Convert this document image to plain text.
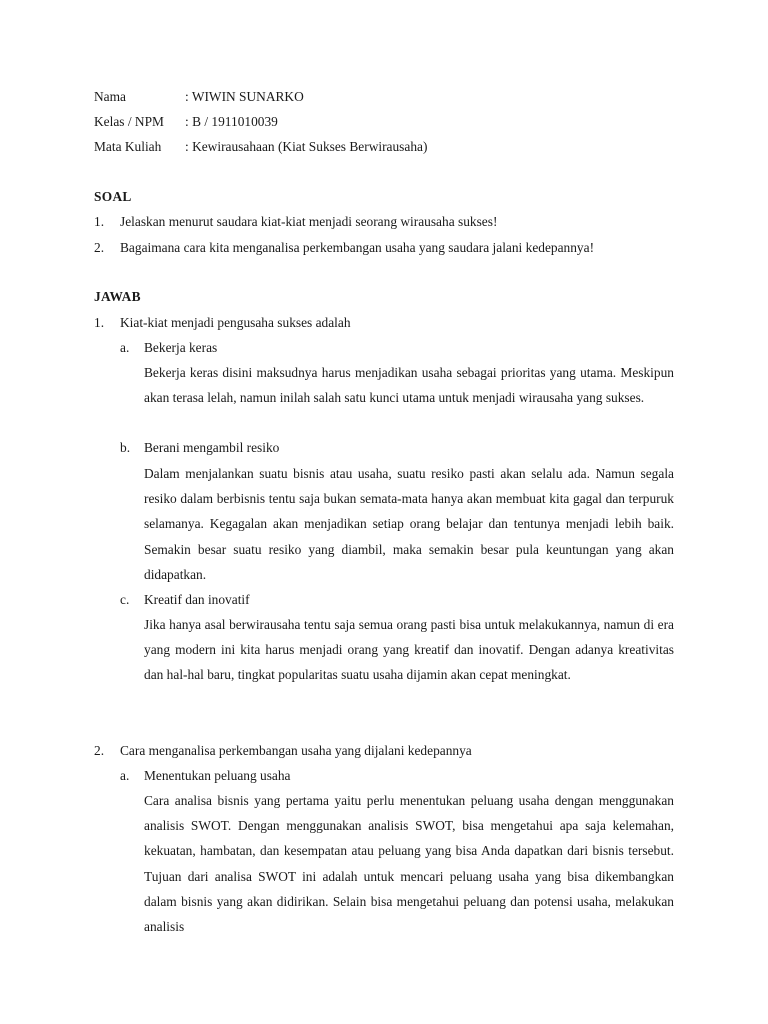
Nama	: WIWIN SUNARKO
Kelas / NPM : B / 1911010039
Mata Kuliah : Kewirausahaan (Kiat Sukses Berwirausaha)
SOAL
1. Jelaskan menurut saudara kiat-kiat menjadi seorang wirausaha sukses!
2. Bagaimana cara kita menganalisa perkembangan usaha yang saudara jalani kedepannya!
JAWAB
1. Kiat-kiat menjadi pengusaha sukses adalah
a. Bekerja keras
Bekerja keras disini maksudnya harus menjadikan usaha sebagai prioritas yang utama. Meskipun akan terasa lelah, namun inilah salah satu kunci utama untuk menjadi wirausaha yang sukses.
b. Berani mengambil resiko
Dalam menjalankan suatu bisnis atau usaha, suatu resiko pasti akan selalu ada. Namun segala resiko dalam berbisnis tentu saja bukan semata-mata hanya akan membuat kita gagal dan terpuruk selamanya. Kegagalan akan menjadikan setiap orang belajar dan tentunya menjadi lebih baik. Semakin besar suatu resiko yang diambil, maka semakin besar pula keuntungan yang akan didapatkan.
c. Kreatif dan inovatif
Jika hanya asal berwirausaha tentu saja semua orang pasti bisa untuk melakukannya, namun di era yang modern ini kita harus menjadi orang yang kreatif dan inovatif. Dengan adanya kreativitas dan hal-hal baru, tingkat popularitas suatu usaha dijamin akan cepat meningkat.
2. Cara menganalisa perkembangan usaha yang dijalani kedepannya
a. Menentukan peluang usaha
Cara analisa bisnis yang pertama yaitu perlu menentukan peluang usaha dengan menggunakan analisis SWOT. Dengan menggunakan analisis SWOT, bisa mengetahui apa saja kelemahan, kekuatan, hambatan, dan kesempatan atau peluang yang bisa Anda dapatkan dari bisnis tersebut. Tujuan dari analisa SWOT ini adalah untuk mencari peluang usaha yang bisa dikembangkan dalam bisnis yang akan didirikan. Selain bisa mengetahui peluang dan potensi usaha, melakukan analisis
